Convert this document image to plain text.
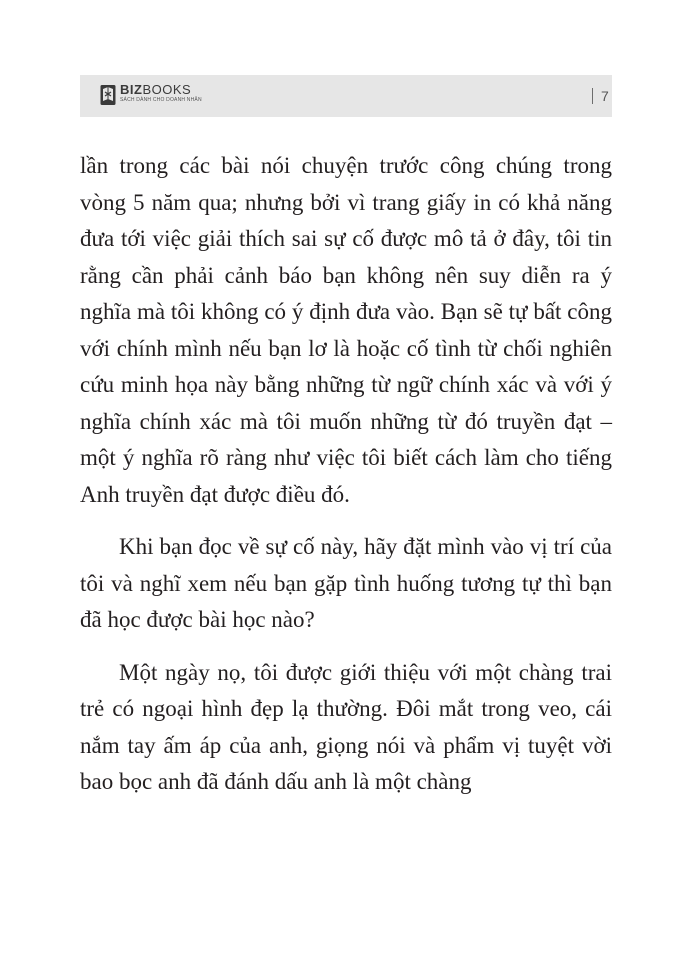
BIZBOOKS
SÁCH DÀNH CHO DOANH NHÂN	7

lần trong các bài nói chuyện trước công chúng trong vòng 5 năm qua; nhưng bởi vì trang giấy in có khả năng đưa tới việc giải thích sai sự cố được mô tả ở đây, tôi tin rằng cần phải cảnh báo bạn không nên suy diễn ra ý nghĩa mà tôi không có ý định đưa vào. Bạn sẽ tự bất công với chính mình nếu bạn lơ là hoặc cố tình từ chối nghiên cứu minh họa này bằng những từ ngữ chính xác và với ý nghĩa chính xác mà tôi muốn những từ đó truyền đạt – một ý nghĩa rõ ràng như việc tôi biết cách làm cho tiếng Anh truyền đạt được điều đó.

Khi bạn đọc về sự cố này, hãy đặt mình vào vị trí của tôi và nghĩ xem nếu bạn gặp tình huống tương tự thì bạn đã học được bài học nào?

Một ngày nọ, tôi được giới thiệu với một chàng trai trẻ có ngoại hình đẹp lạ thường. Đôi mắt trong veo, cái nắm tay ấm áp của anh, giọng nói và phẩm vị tuyệt vời bao bọc anh đã đánh dấu anh là một chàng
